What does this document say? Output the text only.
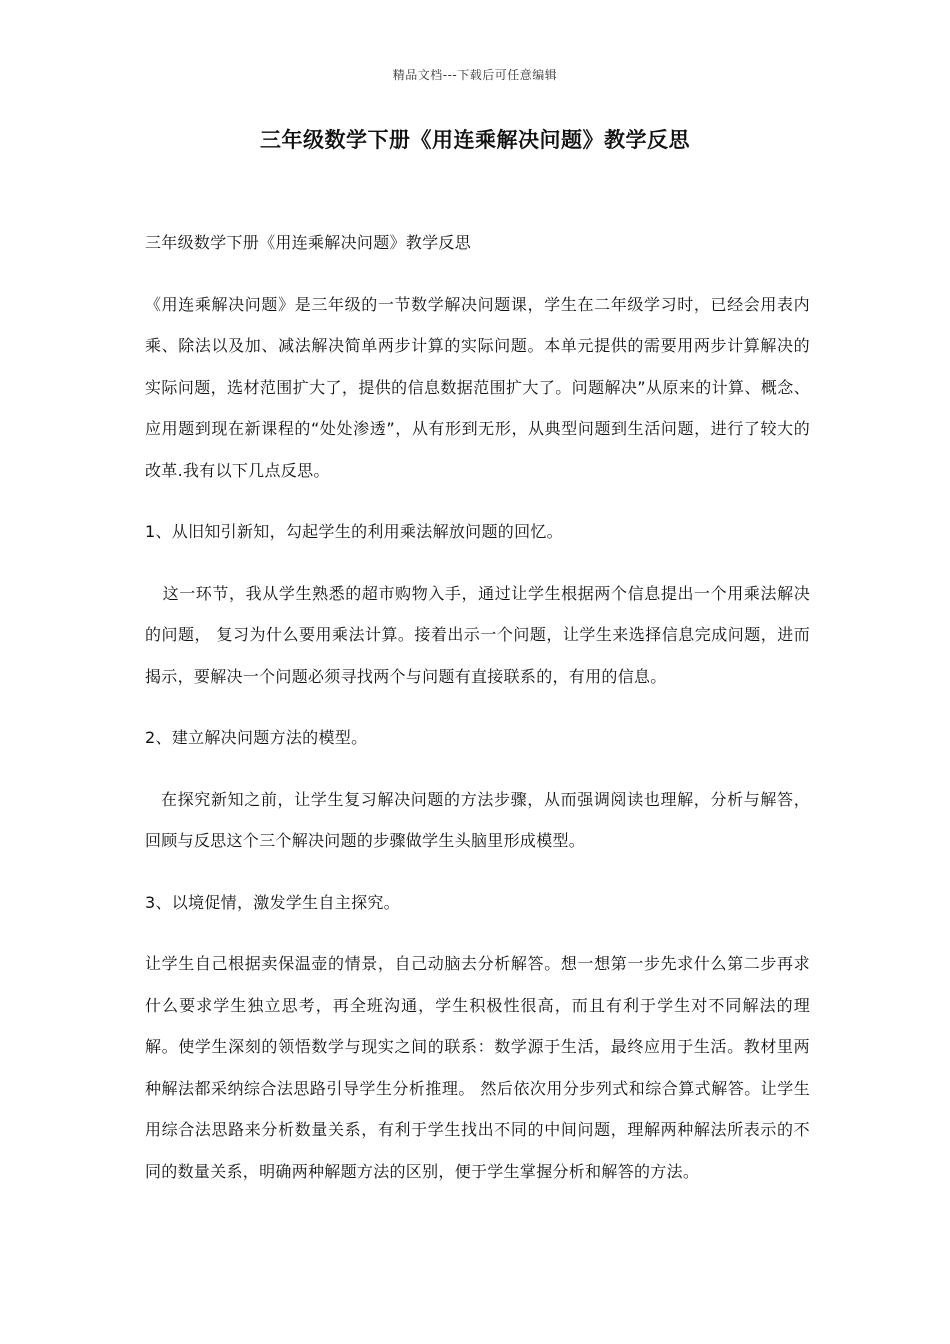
精品文档---下载后可任意编辑
三年级数学下册《用连乘解决问题》教学反思

三年级数学下册《用连乘解决问题》教学反思

《用连乘解决问题》是三年级的一节数学解决问题课，学生在二年级学习时，已经会用表内乘、除法以及加、减法解决简单两步计算的实际问题。本单元提供的需要用两步计算解决的实际问题，选材范围扩大了，提供的信息数据范围扩大了。问题解决”从原来的计算、概念、应用题到现在新课程的“处处渗透”，从有形到无形，从典型问题到生活问题，进行了较大的改革.我有以下几点反思。

1、从旧知引新知，勾起学生的利用乘法解放问题的回忆。

这一环节，我从学生熟悉的超市购物入手，通过让学生根据两个信息提出一个用乘法解决的问题， 复习为什么要用乘法计算。接着出示一个问题，让学生来选择信息完成问题，进而揭示，要解决一个问题必须寻找两个与问题有直接联系的，有用的信息。

2、建立解决问题方法的模型。

在探究新知之前，让学生复习解决问题的方法步骤，从而强调阅读也理解，分析与解答，回顾与反思这个三个解决问题的步骤做学生头脑里形成模型。

3、以境促情，激发学生自主探究。

让学生自己根据卖保温壶的情景，自己动脑去分析解答。想一想第一步先求什么第二步再求什么要求学生独立思考，再全班沟通，学生积极性很高，而且有利于学生对不同解法的理解。使学生深刻的领悟数学与现实之间的联系：数学源于生活，最终应用于生活。教材里两种解法都采纳综合法思路引导学生分析推理。 然后依次用分步列式和综合算式解答。让学生用综合法思路来分析数量关系，有利于学生找出不同的中间问题，理解两种解法所表示的不同的数量关系，明确两种解题方法的区别，便于学生掌握分析和解答的方法。
